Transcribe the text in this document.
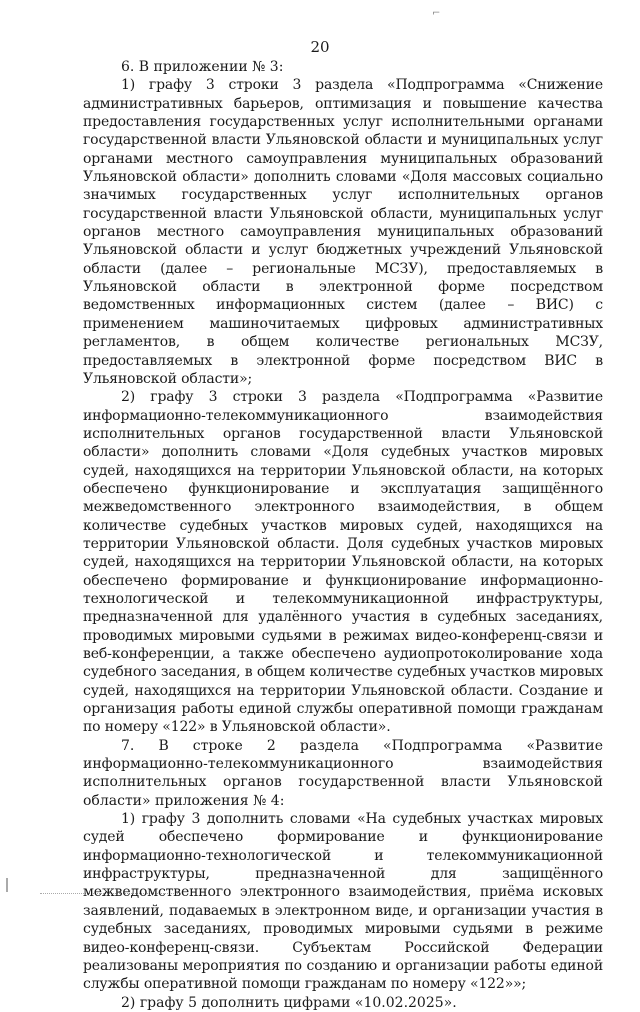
⌐
20

6. В приложении № 3:

1) графу 3 строки 3 раздела «Подпрограмма «Снижение административных барьеров, оптимизация и повышение качества предоставления государственных услуг исполнительными органами государственной власти Ульяновской области и муниципальных услуг органами местного самоуправления муниципальных образований Ульяновской области» дополнить словами «Доля массовых социально значимых государственных услуг исполнительных органов государственной власти Ульяновской области, муниципальных услуг органов местного самоуправления муниципальных образований Ульяновской области и услуг бюджетных учреждений Ульяновской области (далее – региональные МСЗУ), предоставляемых в Ульяновской области в электронной форме посредством ведомственных информационных систем (далее – ВИС) с применением машиночитаемых цифровых административных регламентов, в общем количестве региональных МСЗУ, предоставляемых в электронной форме посредством ВИС в Ульяновской области»;

2) графу 3 строки 3 раздела «Подпрограмма «Развитие информационно-телекоммуникационного взаимодействия исполнительных органов государственной власти Ульяновской области» дополнить словами «Доля судебных участков мировых судей, находящихся на территории Ульяновской области, на которых обеспечено функционирование и эксплуатация защищённого межведомственного электронного взаимодействия, в общем количестве судебных участков мировых судей, находящихся на территории Ульяновской области. Доля судебных участков мировых судей, находящихся на территории Ульяновской области, на которых обеспечено формирование и функционирование информационно-технологической и телекоммуникационной инфраструктуры, предназначенной для удалённого участия в судебных заседаниях, проводимых мировыми судьями в режимах видео-конференц-связи и веб-конференции, а также обеспечено аудиопротоколирование хода судебного заседания, в общем количестве судебных участков мировых судей, находящихся на территории Ульяновской области. Создание и организация работы единой службы оперативной помощи гражданам по номеру «122» в Ульяновской области».

7. В строке 2 раздела «Подпрограмма «Развитие информационно-телекоммуникационного взаимодействия исполнительных органов государственной власти Ульяновской области» приложения № 4:

1) графу 3 дополнить словами «На судебных участках мировых судей обеспечено формирование и функционирование информационно-технологической и телекоммуникационной инфраструктуры, предназначенной для защищённого межведомственного электронного взаимодействия, приёма исковых заявлений, подаваемых в электронном виде, и организации участия в судебных заседаниях, проводимых мировыми судьями в режиме видео-конференц-связи. Субъектам Российской Федерации реализованы мероприятия по созданию и организации работы единой службы оперативной помощи гражданам по номеру «122»»;

2) графу 5 дополнить цифрами «10.02.2025».
